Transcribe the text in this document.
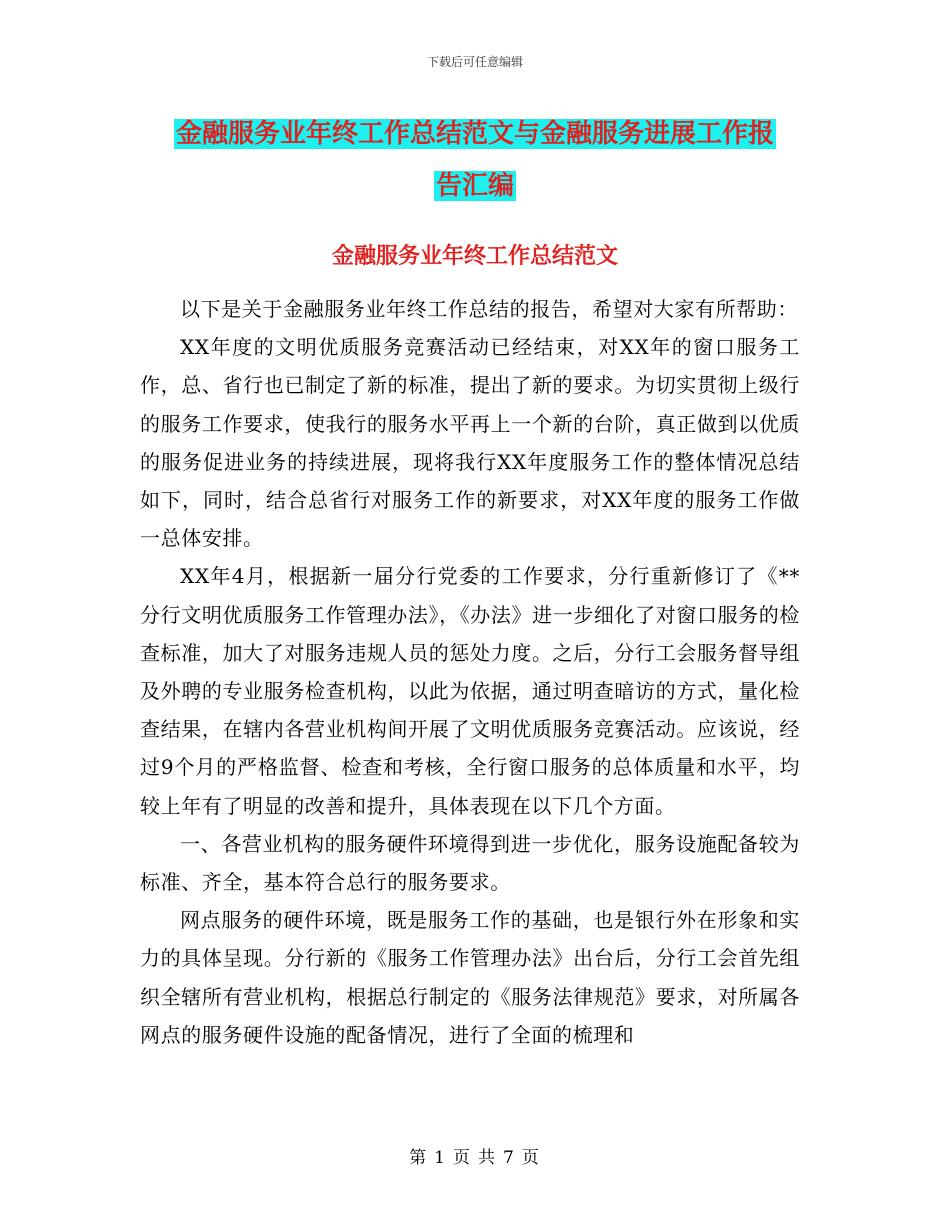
下载后可任意编辑
金融服务业年终工作总结范文与金融服务进展工作报
告汇编
金融服务业年终工作总结范文

以下是关于金融服务业年终工作总结的报告，希望对大家有所帮助：

XX年度的文明优质服务竞赛活动已经结束，对XX年的窗口服务工作，总、省行也已制定了新的标准，提出了新的要求。为切实贯彻上级行的服务工作要求，使我行的服务水平再上一个新的台阶，真正做到以优质的服务促进业务的持续进展，现将我行XX年度服务工作的整体情况总结如下，同时，结合总省行对服务工作的新要求，对XX年度的服务工作做一总体安排。

XX年4月，根据新一届分行党委的工作要求，分行重新修订了《**分行文明优质服务工作管理办法》，《办法》进一步细化了对窗口服务的检查标准，加大了对服务违规人员的惩处力度。之后，分行工会服务督导组及外聘的专业服务检查机构，以此为依据，通过明查暗访的方式，量化检查结果，在辖内各营业机构间开展了文明优质服务竞赛活动。应该说，经过9个月的严格监督、检查和考核，全行窗口服务的总体质量和水平，均较上年有了明显的改善和提升，具体表现在以下几个方面。

一、各营业机构的服务硬件环境得到进一步优化，服务设施配备较为标准、齐全，基本符合总行的服务要求。

网点服务的硬件环境，既是服务工作的基础，也是银行外在形象和实力的具体呈现。分行新的《服务工作管理办法》出台后，分行工会首先组织全辖所有营业机构，根据总行制定的《服务法律规范》要求，对所属各网点的服务硬件设施的配备情况，进行了全面的梳理和

第 1 页 共 7 页
